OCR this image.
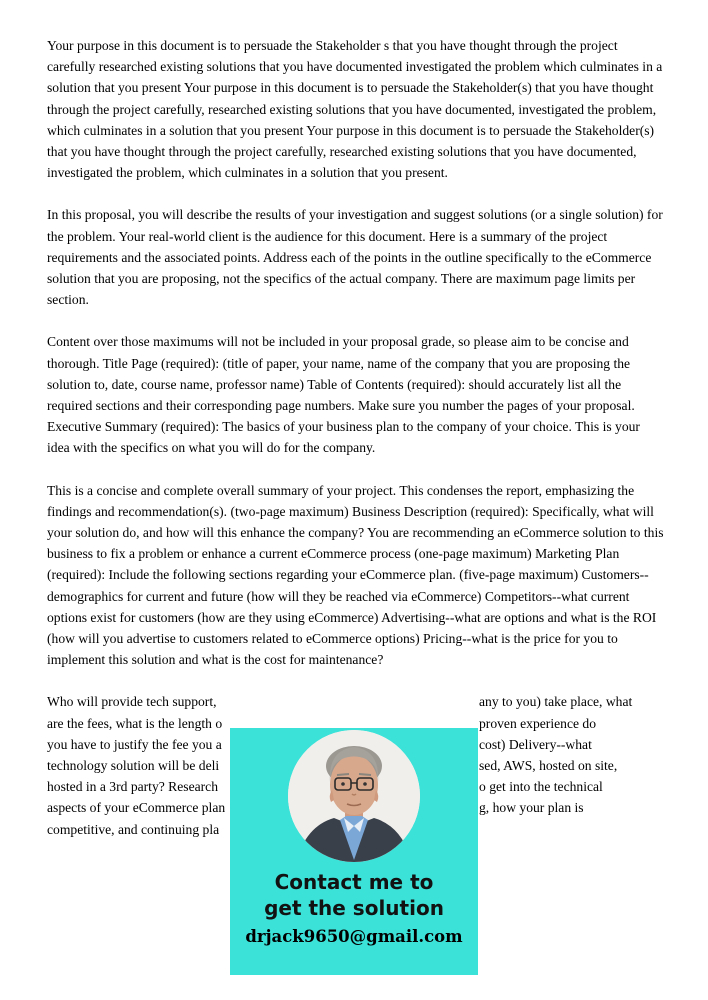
Your purpose in this document is to persuade the Stakeholder s that you have thought through the project carefully researched existing solutions that you have documented investigated the problem which culminates in a solution that you present Your purpose in this document is to persuade the Stakeholder(s) that you have thought through the project carefully, researched existing solutions that you have documented, investigated the problem, which culminates in a solution that you present Your purpose in this document is to persuade the Stakeholder(s) that you have thought through the project carefully, researched existing solutions that you have documented, investigated the problem, which culminates in a solution that you present.

In this proposal, you will describe the results of your investigation and suggest solutions (or a single solution) for the problem. Your real-world client is the audience for this document. Here is a summary of the project requirements and the associated points. Address each of the points in the outline specifically to the eCommerce solution that you are proposing, not the specifics of the actual company. There are maximum page limits per section.

Content over those maximums will not be included in your proposal grade, so please aim to be concise and thorough. Title Page (required): (title of paper, your name, name of the company that you are proposing the solution to, date, course name, professor name) Table of Contents (required): should accurately list all the required sections and their corresponding page numbers. Make sure you number the pages of your proposal. Executive Summary (required): The basics of your business plan to the company of your choice. This is your idea with the specifics on what you will do for the company.

This is a concise and complete overall summary of your project. This condenses the report, emphasizing the findings and recommendation(s). (two-page maximum) Business Description (required): Specifically, what will your solution do, and how will this enhance the company? You are recommending an eCommerce solution to this business to fix a problem or enhance a current eCommerce process (one-page maximum) Marketing Plan (required): Include the following sections regarding your eCommerce plan. (five-page maximum) Customers--demographics for current and future (how will they be reached via eCommerce) Competitors--what current options exist for customers (how are they using eCommerce) Advertising--what are options and what is the ROI (how will you advertise to customers related to eCommerce options) Pricing--what is the price for you to implement this solution and what is the cost for maintenance?

Who will provide tech support,	any to you) take place, what
are the fees, what is the length o	proven experience do
you have to justify the fee you a	cost) Delivery--what
technology solution will be deli	sed, AWS, hosted on site,
hosted in a 3rd party? Research	o get into the technical
aspects of your eCommerce plan	g, how your plan is
competitive, and continuing pla
Contact me to
get the solution
drjack9650@gmail.com
